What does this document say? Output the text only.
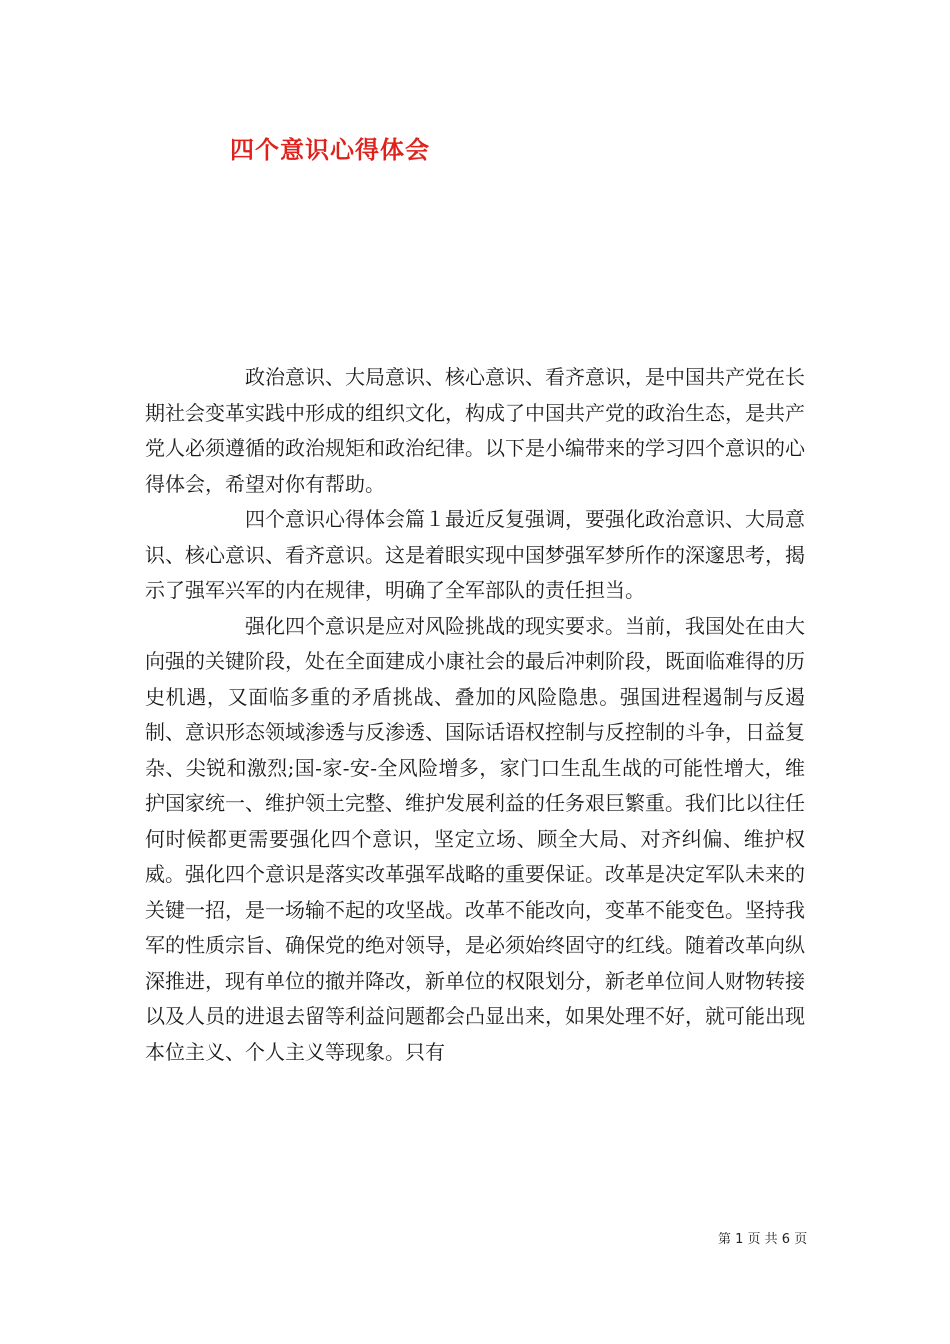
四个意识心得体会

政治意识、大局意识、核心意识、看齐意识，是中国共产党在长期社会变革实践中形成的组织文化，构成了中国共产党的政治生态，是共产党人必须遵循的政治规矩和政治纪律。以下是小编带来的学习四个意识的心得体会，希望对你有帮助。

四个意识心得体会篇１最近反复强调，要强化政治意识、大局意识、核心意识、看齐意识。这是着眼实现中国梦强军梦所作的深邃思考，揭示了强军兴军的内在规律，明确了全军部队的责任担当。

强化四个意识是应对风险挑战的现实要求。当前，我国处在由大向强的关键阶段，处在全面建成小康社会的最后冲刺阶段，既面临难得的历史机遇，又面临多重的矛盾挑战、叠加的风险隐患。强国进程遏制与反遏制、意识形态领域渗透与反渗透、国际话语权控制与反控制的斗争，日益复杂、尖锐和激烈;国-家-安-全风险增多，家门口生乱生战的可能性增大，维护国家统一、维护领土完整、维护发展利益的任务艰巨繁重。我们比以往任何时候都更需要强化四个意识，坚定立场、顾全大局、对齐纠偏、维护权威。强化四个意识是落实改革强军战略的重要保证。改革是决定军队未来的关键一招，是一场输不起的攻坚战。改革不能改向，变革不能变色。坚持我军的性质宗旨、确保党的绝对领导，是必须始终固守的红线。随着改革向纵深推进，现有单位的撤并降改，新单位的权限划分，新老单位间人财物转接以及人员的进退去留等利益问题都会凸显出来，如果处理不好，就可能出现本位主义、个人主义等现象。只有

第 1 页 共 6 页
